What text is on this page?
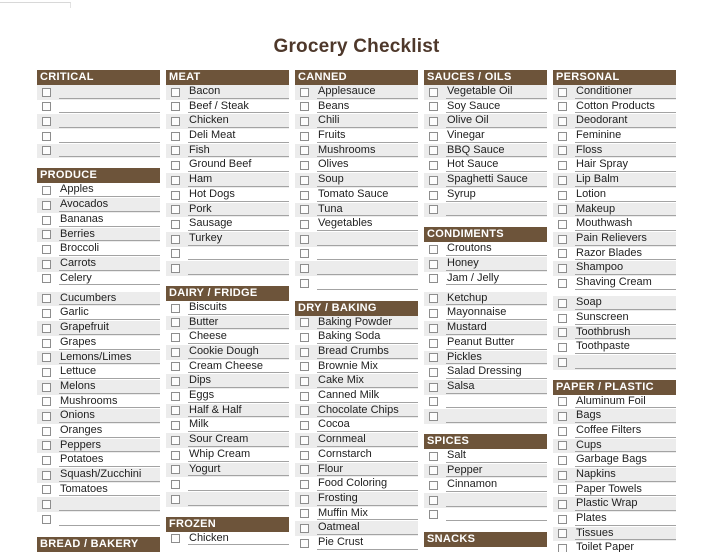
Grocery Checklist
CRITICAL
PRODUCE
Apples
Avocados
Bananas
Berries
Broccoli
Carrots
Celery
Cucumbers
Garlic
Grapefruit
Grapes
Lemons/Limes
Lettuce
Melons
Mushrooms
Onions
Oranges
Peppers
Potatoes
Squash/Zucchini
Tomatoes
BREAD / BAKERY
MEAT
Bacon
Beef / Steak
Chicken
Deli Meat
Fish
Ground Beef
Ham
Hot Dogs
Pork
Sausage
Turkey
DAIRY / FRIDGE
Biscuits
Butter
Cheese
Cookie Dough
Cream Cheese
Dips
Eggs
Half & Half
Milk
Sour Cream
Whip Cream
Yogurt
FROZEN
Chicken
CANNED
Applesauce
Beans
Chili
Fruits
Mushrooms
Olives
Soup
Tomato Sauce
Tuna
Vegetables
DRY / BAKING
Baking Powder
Baking Soda
Bread Crumbs
Brownie Mix
Cake Mix
Canned Milk
Chocolate Chips
Cocoa
Cornmeal
Cornstarch
Flour
Food Coloring
Frosting
Muffin Mix
Oatmeal
Pie Crust
SAUCES / OILS
Vegetable Oil
Soy Sauce
Olive Oil
Vinegar
BBQ Sauce
Hot Sauce
Spaghetti Sauce
Syrup
CONDIMENTS
Croutons
Honey
Jam / Jelly
Ketchup
Mayonnaise
Mustard
Peanut Butter
Pickles
Salad Dressing
Salsa
SPICES
Salt
Pepper
Cinnamon
SNACKS
PERSONAL
Conditioner
Cotton Products
Deodorant
Feminine
Floss
Hair Spray
Lip Balm
Lotion
Makeup
Mouthwash
Pain Relievers
Razor Blades
Shampoo
Shaving Cream
Soap
Sunscreen
Toothbrush
Toothpaste
PAPER / PLASTIC
Aluminum Foil
Bags
Coffee Filters
Cups
Garbage Bags
Napkins
Paper Towels
Plastic Wrap
Plates
Tissues
Toilet Paper
